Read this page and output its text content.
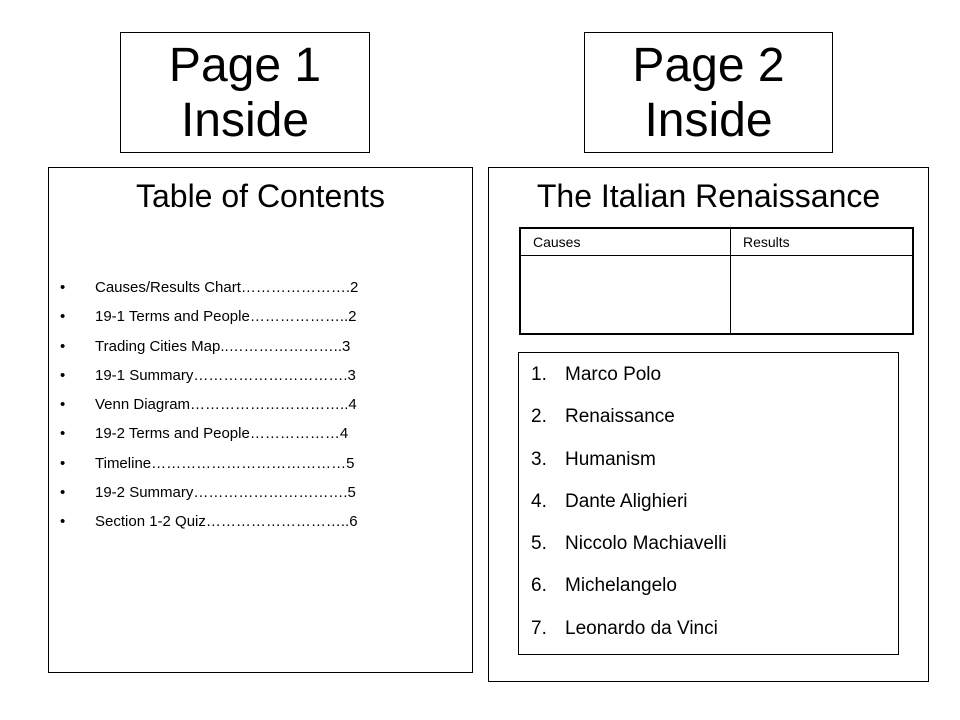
Page 1
Inside
Page 2
Inside
Table of Contents
• Causes/Results Chart………………….2
• 19-1 Terms and People………………..2
• Trading Cities Map..…………………..3
• 19-1 Summary………………………….3
• Venn Diagram…………………………..4
• 19-2 Terms and People………………4
• Timeline…………………………………5
• 19-2 Summary………………………….5
• Section 1-2 Quiz………………………..6
The Italian Renaissance
Causes	Results

1. Marco Polo
2. Renaissance
3. Humanism
4. Dante Alighieri
5. Niccolo Machiavelli
6. Michelangelo
7. Leonardo da Vinci
